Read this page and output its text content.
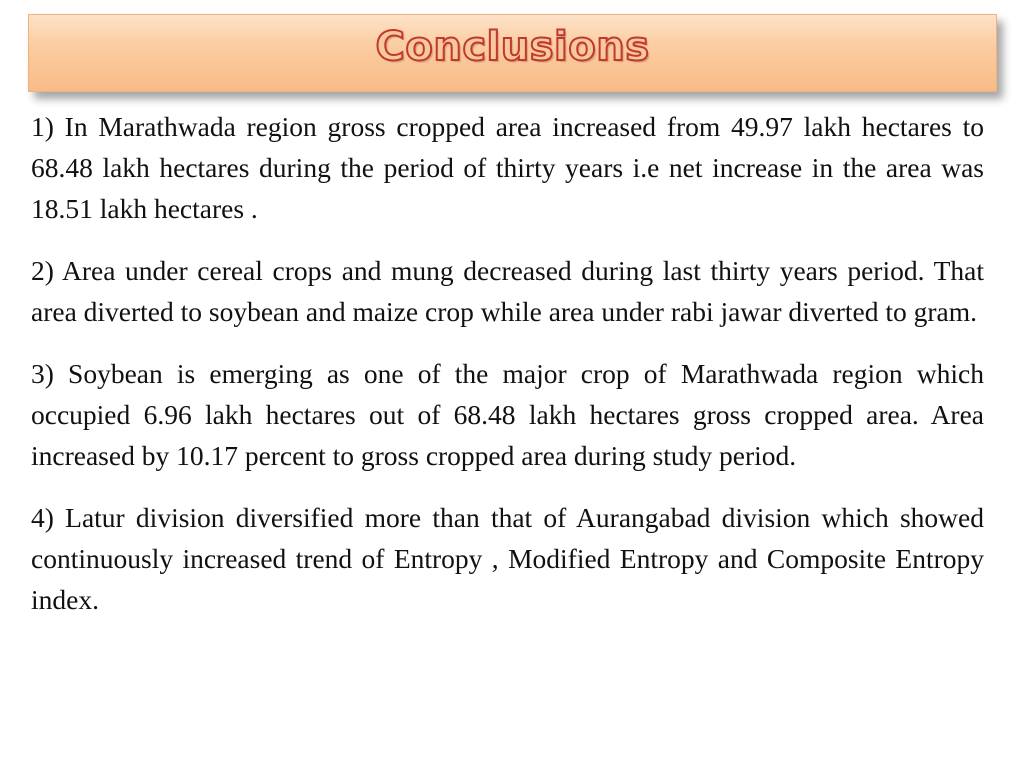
Conclusions

1) In Marathwada region gross cropped area increased from 49.97 lakh hectares to 68.48 lakh hectares during the period of thirty years i.e net increase in the area was 18.51 lakh hectares .

2) Area under cereal crops and mung decreased during last thirty years period. That area diverted to soybean and maize crop while area under rabi jawar diverted to gram.

3) Soybean is emerging as one of the major crop of Marathwada region which occupied 6.96 lakh hectares out of 68.48 lakh hectares gross cropped area. Area increased by 10.17 percent to gross cropped area during study period.

4) Latur division diversified more than that of Aurangabad division which showed continuously increased trend of Entropy , Modified Entropy and Composite Entropy index.
